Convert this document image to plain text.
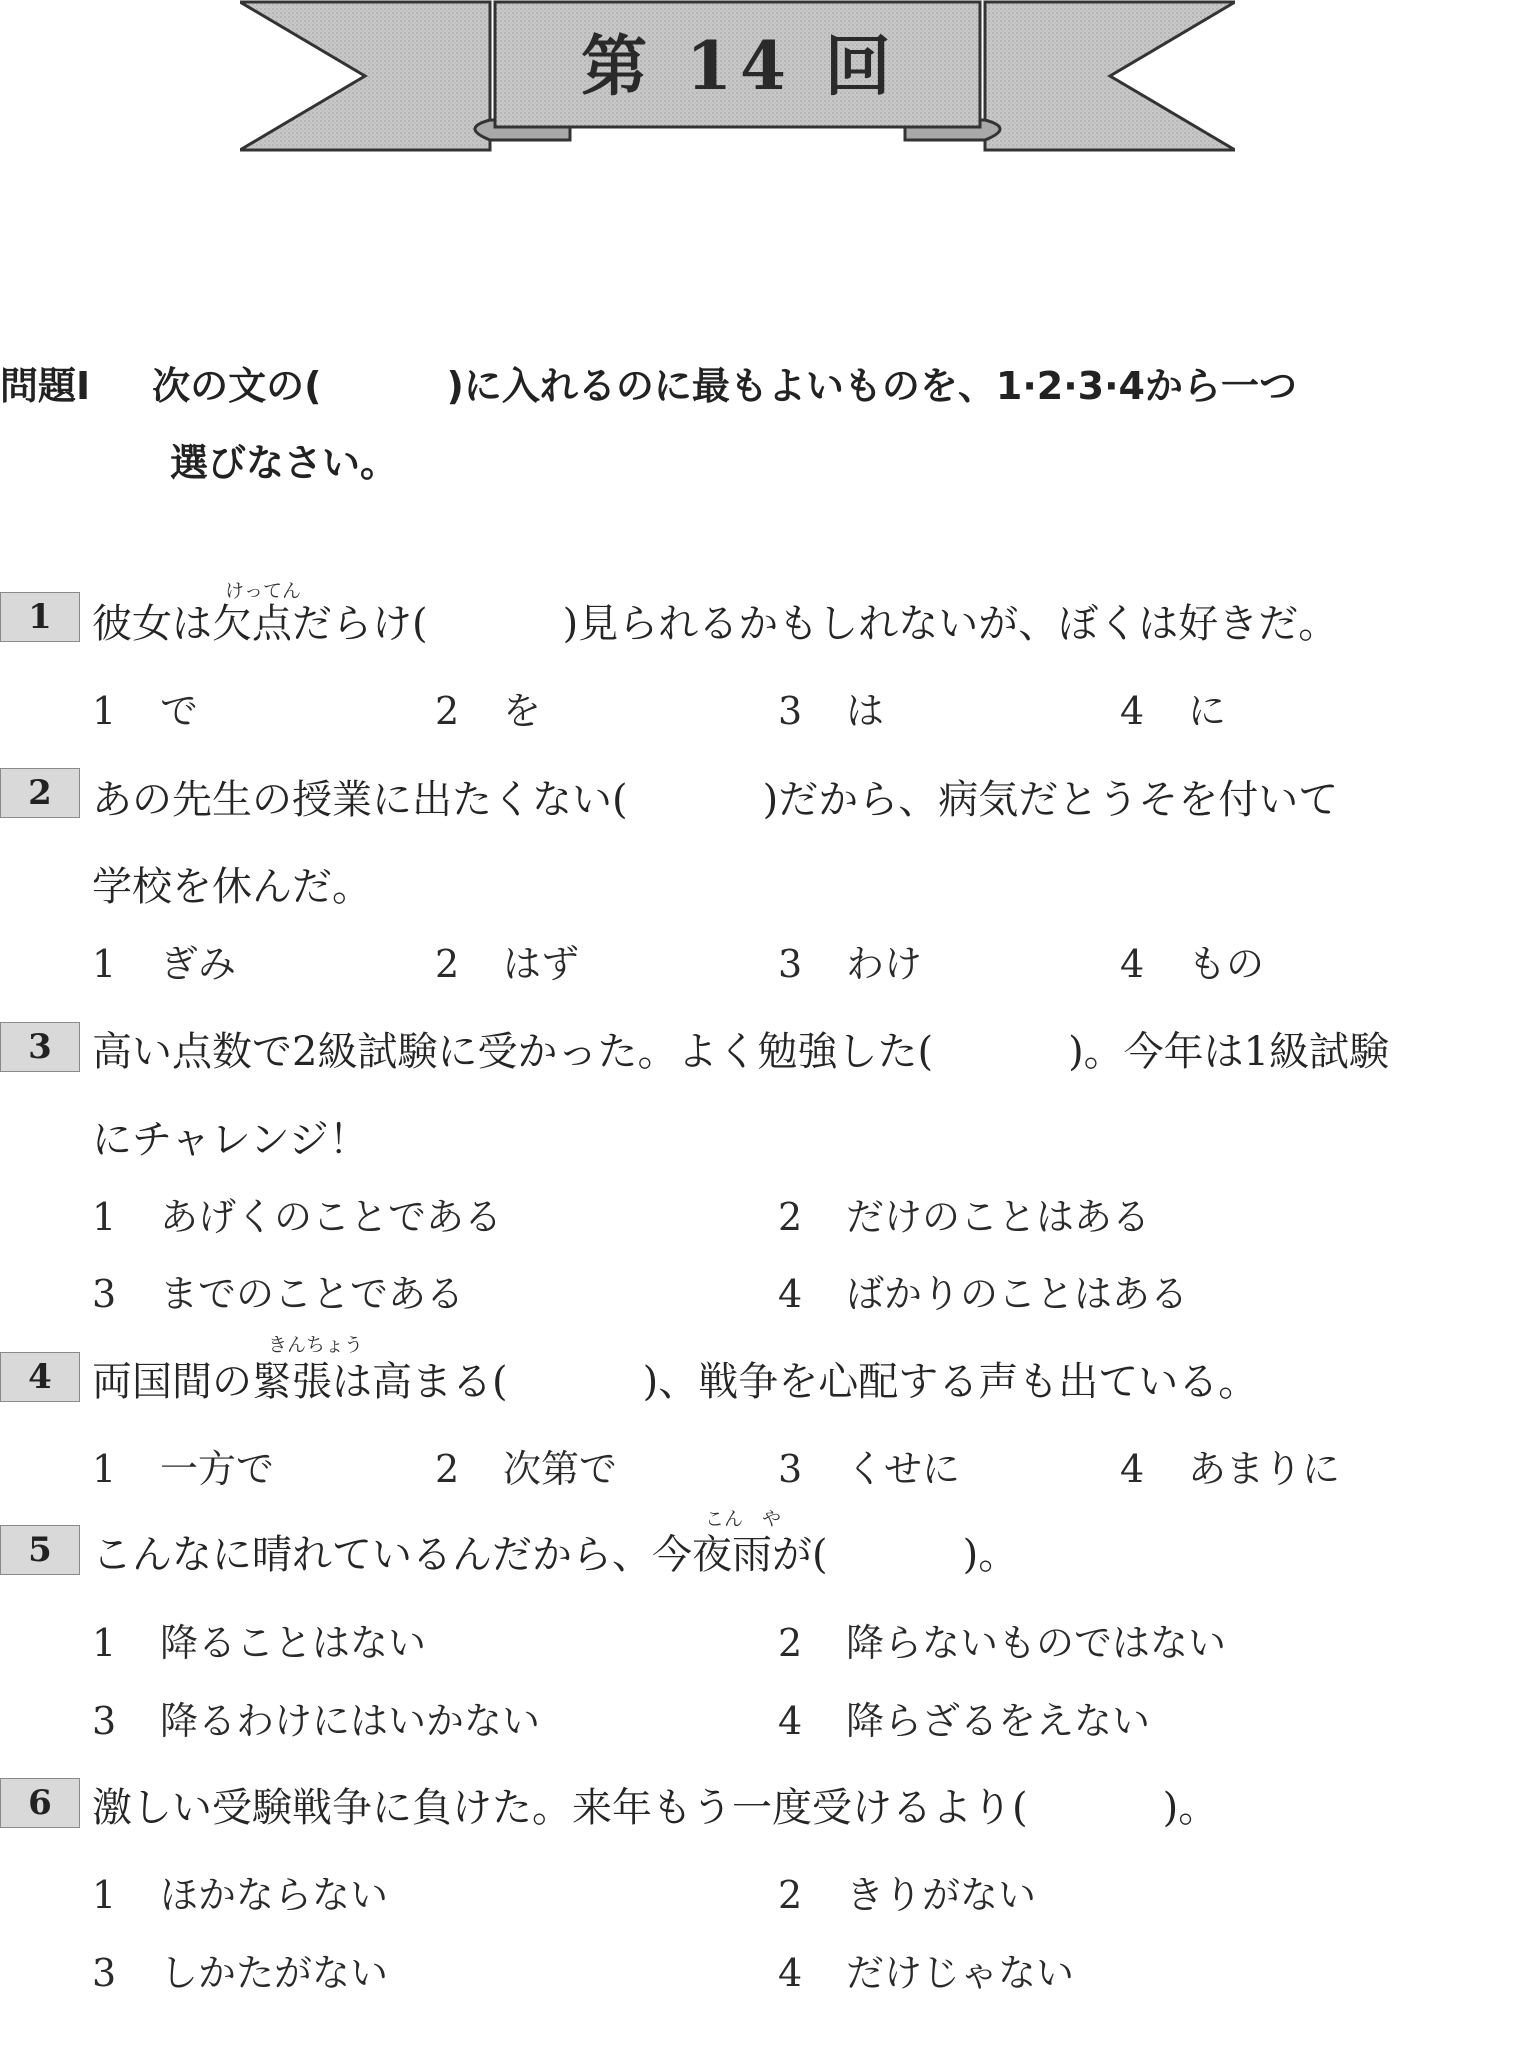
第 14 回
問題Ⅰ 次の文の(	)に入れるのに最もよいものを、1·2·3·4から一つ
選びなさい。
1
けってん
彼女は欠点だらけ(	)見られるかもしれないが、ぼくは好きだ。
1 で	2 を	3 は	4 に
2	あの先生の授業に出たくない(	)だから、病気だとうそを付いて
学校を休んだ。
1 ぎみ	2 はず	3 わけ	4 もの
3	高い点数で2級試験に受かった。よく勉強した(	)。今年は1級試験
にチャレンジ！
1 あげくのことである	2 だけのことはある
3 までのことである	4 ばかりのことはある
4
きんちょう
両国間の緊張は高まる(	)、戦争を心配する声も出ている。
1 一方で	2 次第で	3 くせに	4 あまりに
5
こん　や
こんなに晴れているんだから、今夜雨が(	)。
1 降ることはない	2 降らないものではない
3 降るわけにはいかない	4 降らざるをえない
6	激しい受験戦争に負けた。来年もう一度受けるより(	)。
1 ほかならない	2 きりがない
3 しかたがない	4 だけじゃない
